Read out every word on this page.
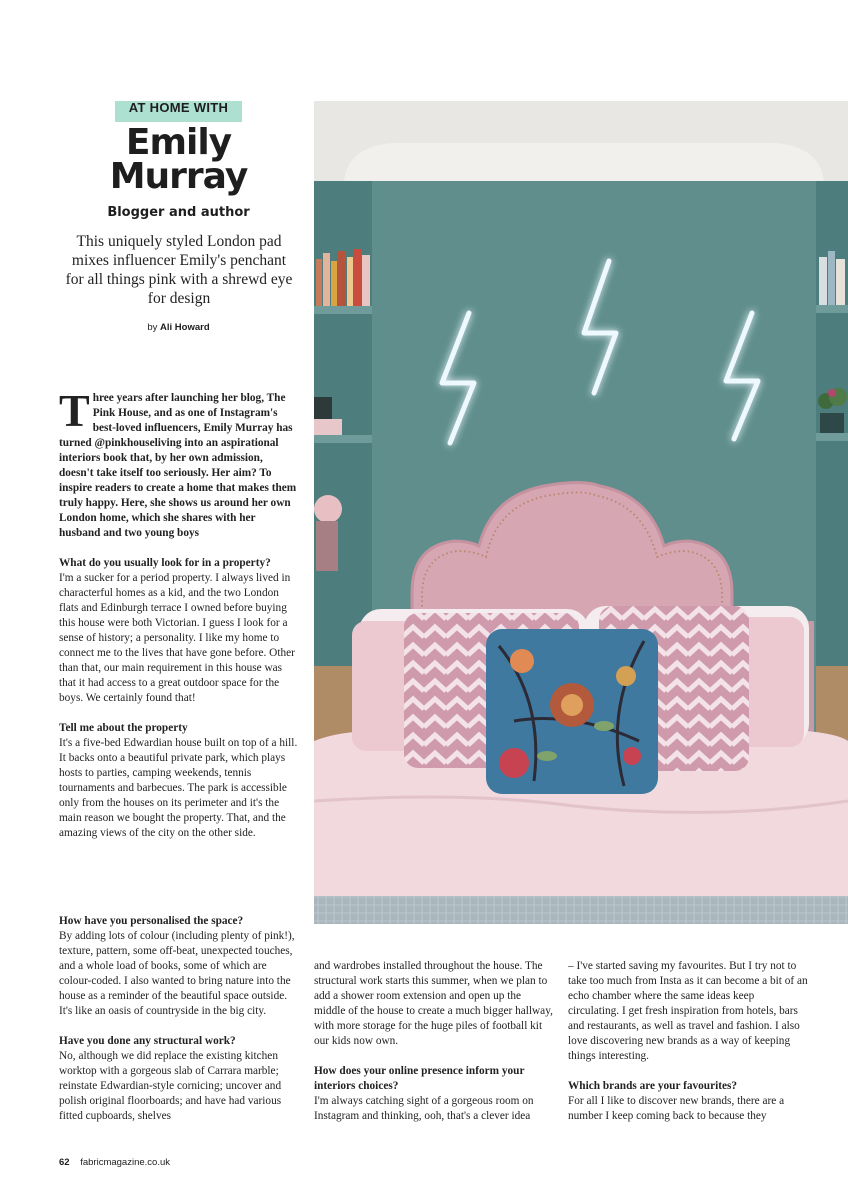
AT HOME WITH
Emily
Murray
Blogger and author
This uniquely styled London pad mixes influencer Emily's penchant for all things pink with a shrewd eye for design
by Ali Howard

Three years after launching her blog, The Pink House, and as one of Instagram's best-loved influencers, Emily Murray has turned @pinkhouseliving into an aspirational interiors book that, by her own admission, doesn't take itself too seriously. Her aim? To inspire readers to create a home that makes them truly happy. Here, she shows us around her own London home, which she shares with her husband and two young boys

What do you usually look for in a property?

I'm a sucker for a period property. I always lived in characterful homes as a kid, and the two London flats and Edinburgh terrace I owned before buying this house were both Victorian. I guess I look for a sense of history; a personality. I like my home to connect me to the lives that have gone before. Other than that, our main requirement in this house was that it had access to a great outdoor space for the boys. We certainly found that!

Tell me about the property

It's a five-bed Edwardian house built on top of a hill. It backs onto a beautiful private park, which plays hosts to parties, camping weekends, tennis tournaments and barbecues. The park is accessible only from the houses on its perimeter and it's the main reason we bought the property. That, and the amazing views of the city on the other side.

How have you personalised the space?

By adding lots of colour (including plenty of pink!), texture, pattern, some off-beat, unexpected touches, and a whole load of books, some of which are colour-coded. I also wanted to bring nature into the house as a reminder of the beautiful space outside. It's like an oasis of countryside in the big city.

Have you done any structural work?

No, although we did replace the existing kitchen worktop with a gorgeous slab of Carrara marble; reinstate Edwardian-style cornicing; uncover and polish original floorboards; and have had various fitted cupboards, shelves

and wardrobes installed throughout the house. The structural work starts this summer, when we plan to add a shower room extension and open up the middle of the house to create a much bigger hallway, with more storage for the huge piles of football kit our kids now own.

How does your online presence inform your interiors choices?

I'm always catching sight of a gorgeous room on Instagram and thinking, ooh, that's a clever idea

– I've started saving my favourites. But I try not to take too much from Insta as it can become a bit of an echo chamber where the same ideas keep circulating. I get fresh inspiration from hotels, bars and restaurants, as well as travel and fashion. I also love discovering new brands as a way of keeping things interesting.

Which brands are your favourites?

For all I like to discover new brands, there are a number I keep coming back to because they

62 fabricmagazine.co.uk
